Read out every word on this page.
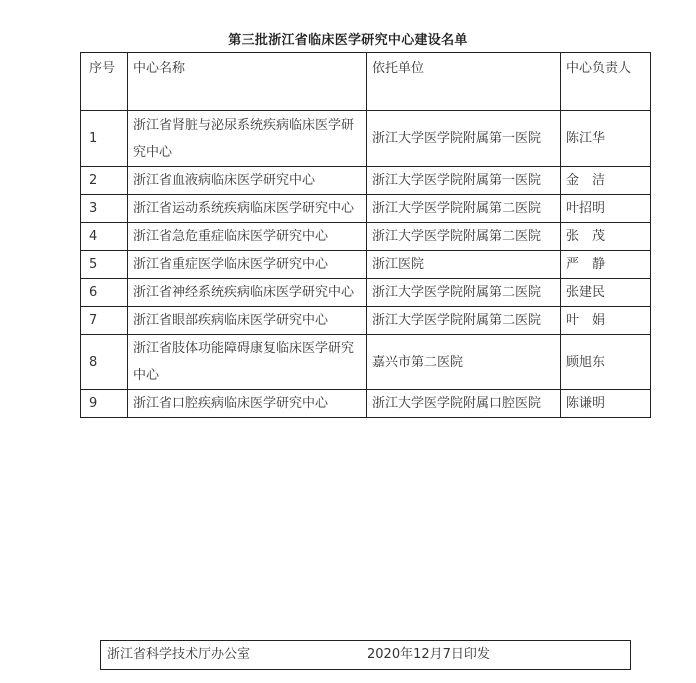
第三批浙江省临床医学研究中心建设名单
序号	中心名称	依托单位	中心负责人
1	浙江省肾脏与泌尿系统疾病临床医学研究中心	浙江大学医学院附属第一医院	陈江华
2	浙江省血液病临床医学研究中心	浙江大学医学院附属第一医院	金　洁
3	浙江省运动系统疾病临床医学研究中心	浙江大学医学院附属第二医院	叶招明
4	浙江省急危重症临床医学研究中心	浙江大学医学院附属第二医院	张　茂
5	浙江省重症医学临床医学研究中心	浙江医院	严　静
6	浙江省神经系统疾病临床医学研究中心	浙江大学医学院附属第二医院	张建民
7	浙江省眼部疾病临床医学研究中心	浙江大学医学院附属第二医院	叶　娟
8	浙江省肢体功能障碍康复临床医学研究中心	嘉兴市第二医院	顾旭东
9	浙江省口腔疾病临床医学研究中心	浙江大学医学院附属口腔医院	陈谦明
浙江省科学技术厅办公室	2020年12月7日印发
